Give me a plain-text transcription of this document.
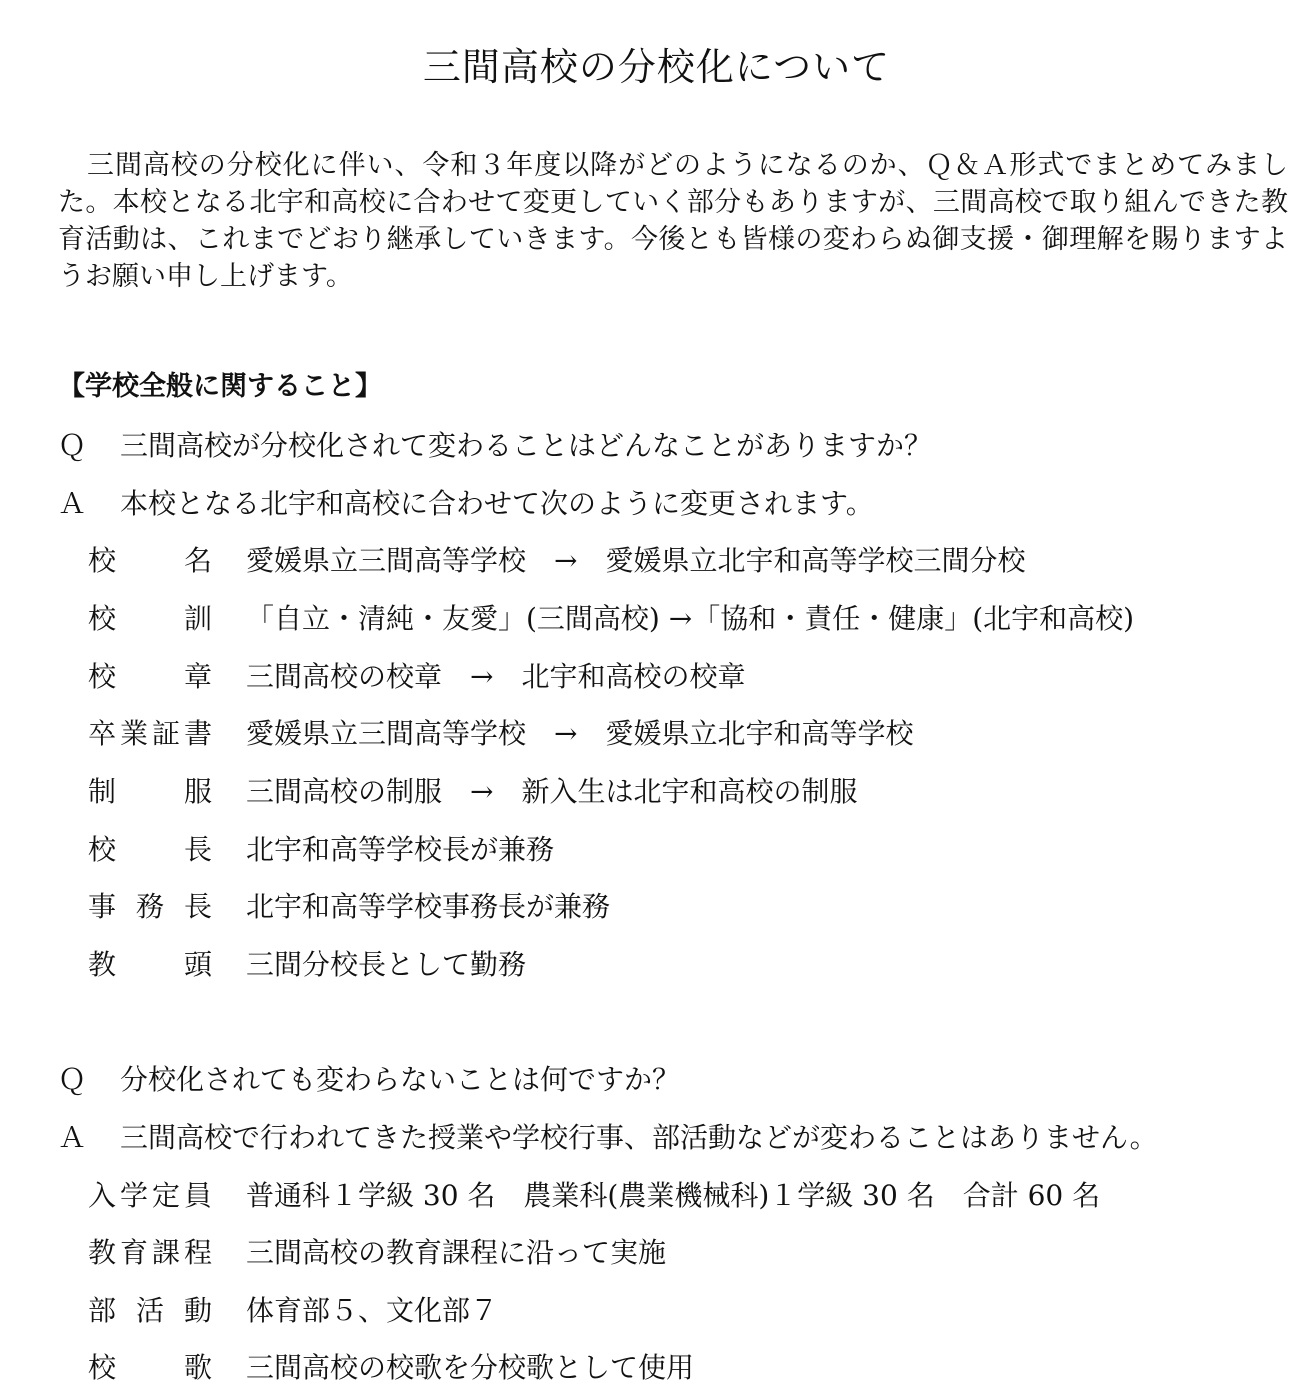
三間高校の分校化について
三間高校の分校化に伴い、令和３年度以降がどのようになるのか、Ｑ＆Ａ形式でまとめてみました。本校となる北宇和高校に合わせて変更していく部分もありますが、三間高校で取り組んできた教育活動は、これまでどおり継承していきます。今後とも皆様の変わらぬ御支援・御理解を賜りますようお願い申し上げます。
【学校全般に関すること】
Ｑ 三間高校が分校化されて変わることはどんなことがありますか？
Ａ 本校となる北宇和高校に合わせて次のように変更されます。
校名 愛媛県立三間高等学校　→　愛媛県立北宇和高等学校三間分校
校訓 「自立・清純・友愛」(三間高校) →「協和・責任・健康」(北宇和高校)
校章 三間高校の校章　→　北宇和高校の校章
卒業証書 愛媛県立三間高等学校　→　愛媛県立北宇和高等学校
制服 三間高校の制服　→　新入生は北宇和高校の制服
校長 北宇和高等学校長が兼務
事務長 北宇和高等学校事務長が兼務
教頭 三間分校長として勤務
Ｑ 分校化されても変わらないことは何ですか？
Ａ 三間高校で行われてきた授業や学校行事、部活動などが変わることはありません。
入学定員 普通科１学級 30 名　農業科(農業機械科)１学級 30 名　合計 60 名
教育課程 三間高校の教育課程に沿って実施
部活動 体育部５、文化部７
校歌 三間高校の校歌を分校歌として使用
